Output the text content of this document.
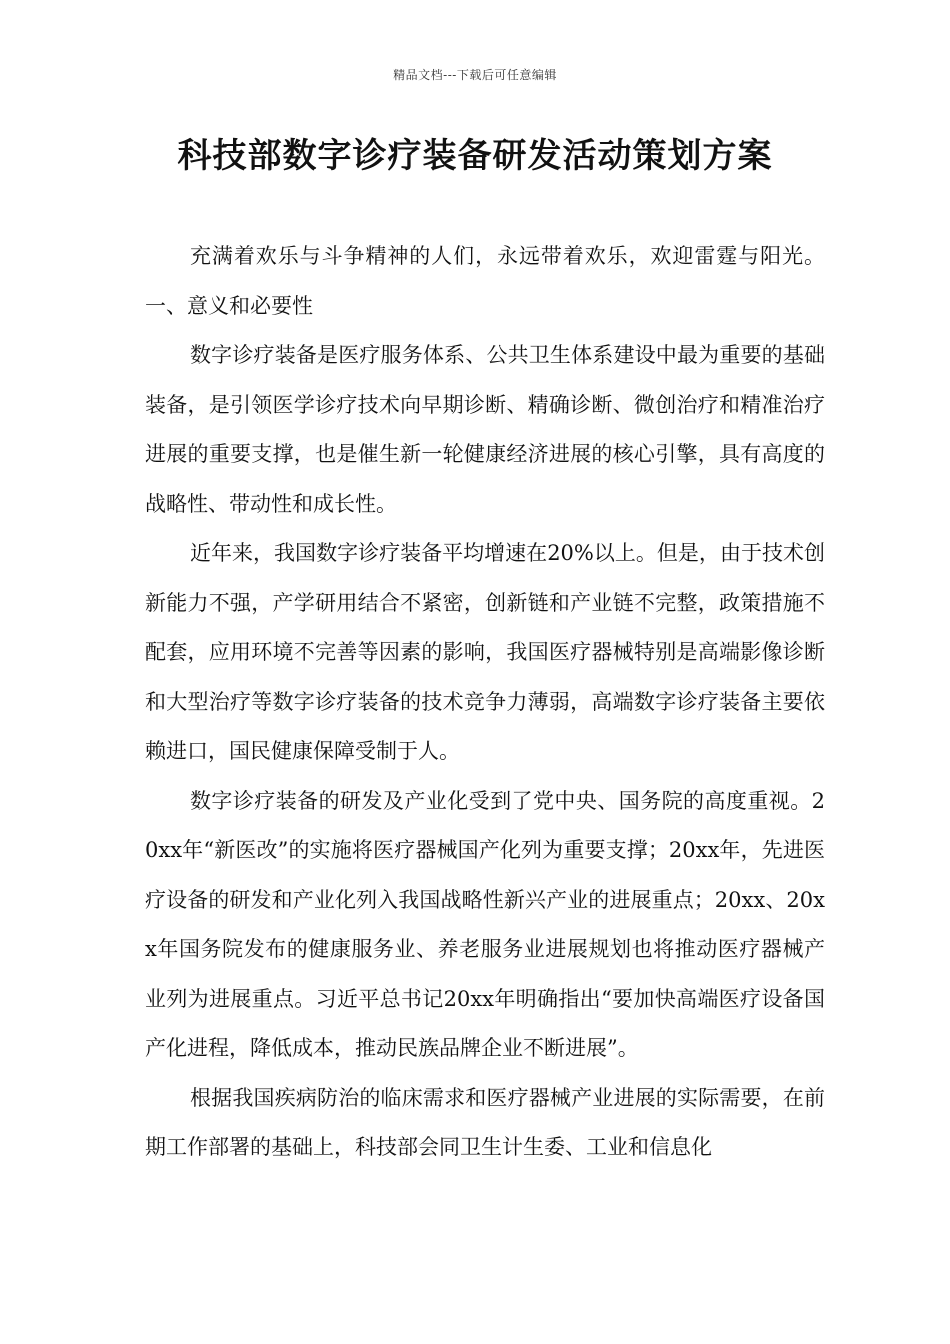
精品文档---下载后可任意编辑
科技部数字诊疗装备研发活动策划方案

充满着欢乐与斗争精神的人们，永远带着欢乐，欢迎雷霆与阳光。一、意义和必要性

数字诊疗装备是医疗服务体系、公共卫生体系建设中最为重要的基础装备，是引领医学诊疗技术向早期诊断、精确诊断、微创治疗和精准治疗进展的重要支撑，也是催生新一轮健康经济进展的核心引擎，具有高度的战略性、带动性和成长性。

近年来，我国数字诊疗装备平均增速在20%以上。但是，由于技术创新能力不强，产学研用结合不紧密，创新链和产业链不完整，政策措施不配套，应用环境不完善等因素的影响，我国医疗器械特别是高端影像诊断和大型治疗等数字诊疗装备的技术竞争力薄弱，高端数字诊疗装备主要依赖进口，国民健康保障受制于人。

数字诊疗装备的研发及产业化受到了党中央、国务院的高度重视。20xx年“新医改”的实施将医疗器械国产化列为重要支撑；20xx年，先进医疗设备的研发和产业化列入我国战略性新兴产业的进展重点；20xx、20xx年国务院发布的健康服务业、养老服务业进展规划也将推动医疗器械产业列为进展重点。习近平总书记20xx年明确指出“要加快高端医疗设备国产化进程，降低成本，推动民族品牌企业不断进展”。

根据我国疾病防治的临床需求和医疗器械产业进展的实际需要，在前期工作部署的基础上，科技部会同卫生计生委、工业和信息化
